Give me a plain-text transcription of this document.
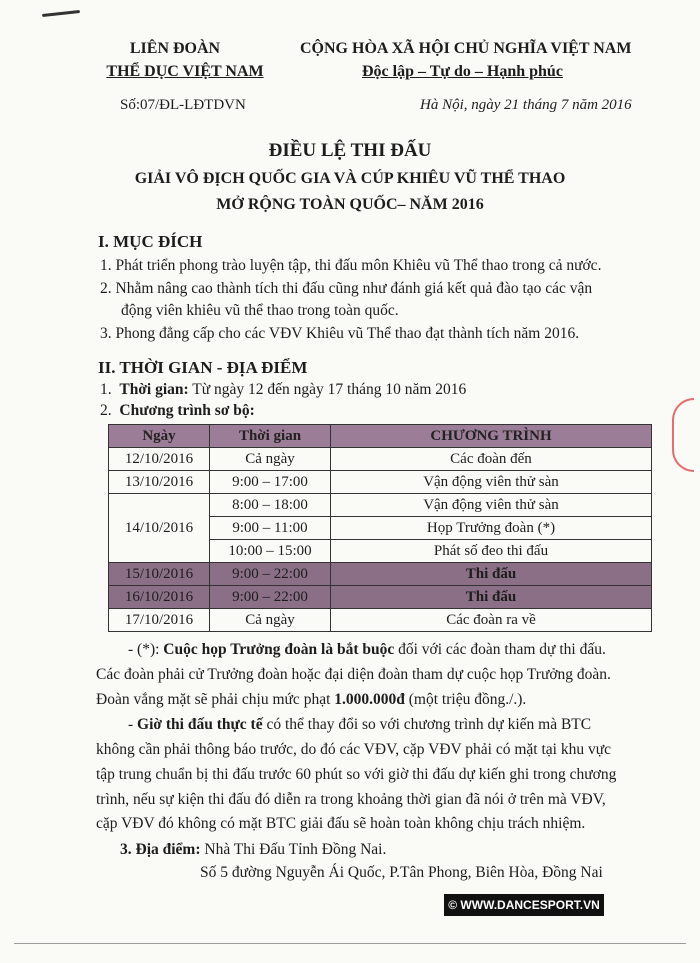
LIÊN ĐOÀN
THỂ DỤC VIỆT NAM
CỘNG HÒA XÃ HỘI CHỦ NGHĨA VIỆT NAM
Độc lập – Tự do – Hạnh phúc
Số:07/ĐL-LĐTDVN	Hà Nội, ngày 21 tháng 7 năm 2016
ĐIỀU LỆ THI ĐẤU
GIẢI VÔ ĐỊCH QUỐC GIA VÀ CÚP KHIÊU VŨ THỂ THAO
MỞ RỘNG TOÀN QUỐC– NĂM 2016
I. MỤC ĐÍCH
1. Phát triển phong trào luyện tập, thi đấu môn Khiêu vũ Thể thao trong cả nước.
2. Nhằm nâng cao thành tích thi đấu cũng như đánh giá kết quả đào tạo các vận
động viên khiêu vũ thể thao trong toàn quốc.
3. Phong đẳng cấp cho các VĐV Khiêu vũ Thể thao đạt thành tích năm 2016.
II. THỜI GIAN - ĐỊA ĐIỂM
1.  Thời gian: Từ ngày 12 đến ngày 17 tháng 10 năm 2016
2.  Chương trình sơ bộ:
Ngày	Thời gian	CHƯƠNG TRÌNH
12/10/2016	Cả ngày	Các đoàn đến
13/10/2016	9:00 – 17:00	Vận động viên thử sàn
14/10/2016	8:00 – 18:00	Vận động viên thử sàn
	9:00 – 11:00	Họp Trưởng đoàn (*)
	10:00 – 15:00	Phát số đeo thi đấu
15/10/2016	9:00 – 22:00	Thi đấu
16/10/2016	9:00 – 22:00	Thi đấu
17/10/2016	Cả ngày	Các đoàn ra về
- (*): Cuộc họp Trưởng đoàn là bắt buộc đối với các đoàn tham dự thi đấu.
Các đoàn phải cử Trưởng đoàn hoặc đại diện đoàn tham dự cuộc họp Trưởng đoàn.
Đoàn vắng mặt sẽ phải chịu mức phạt 1.000.000đ (một triệu đồng./.).
- Giờ thi đấu thực tế có thể thay đổi so với chương trình dự kiến mà BTC
không cần phải thông báo trước, do đó các VĐV, cặp VĐV phải có mặt tại khu vực
tập trung chuẩn bị thi đấu trước 60 phút so với giờ thi đấu dự kiến ghi trong chương
trình, nếu sự kiện thi đấu đó diễn ra trong khoảng thời gian đã nói ở trên mà VĐV,
cặp VĐV đó không có mặt BTC giải đấu sẽ hoàn toàn không chịu trách nhiệm.
3. Địa điểm: Nhà Thi Đấu Tỉnh Đồng Nai.
Số 5 đường Nguyễn Ái Quốc, P.Tân Phong, Biên Hòa, Đồng Nai
© WWW.DANCESPORT.VN
